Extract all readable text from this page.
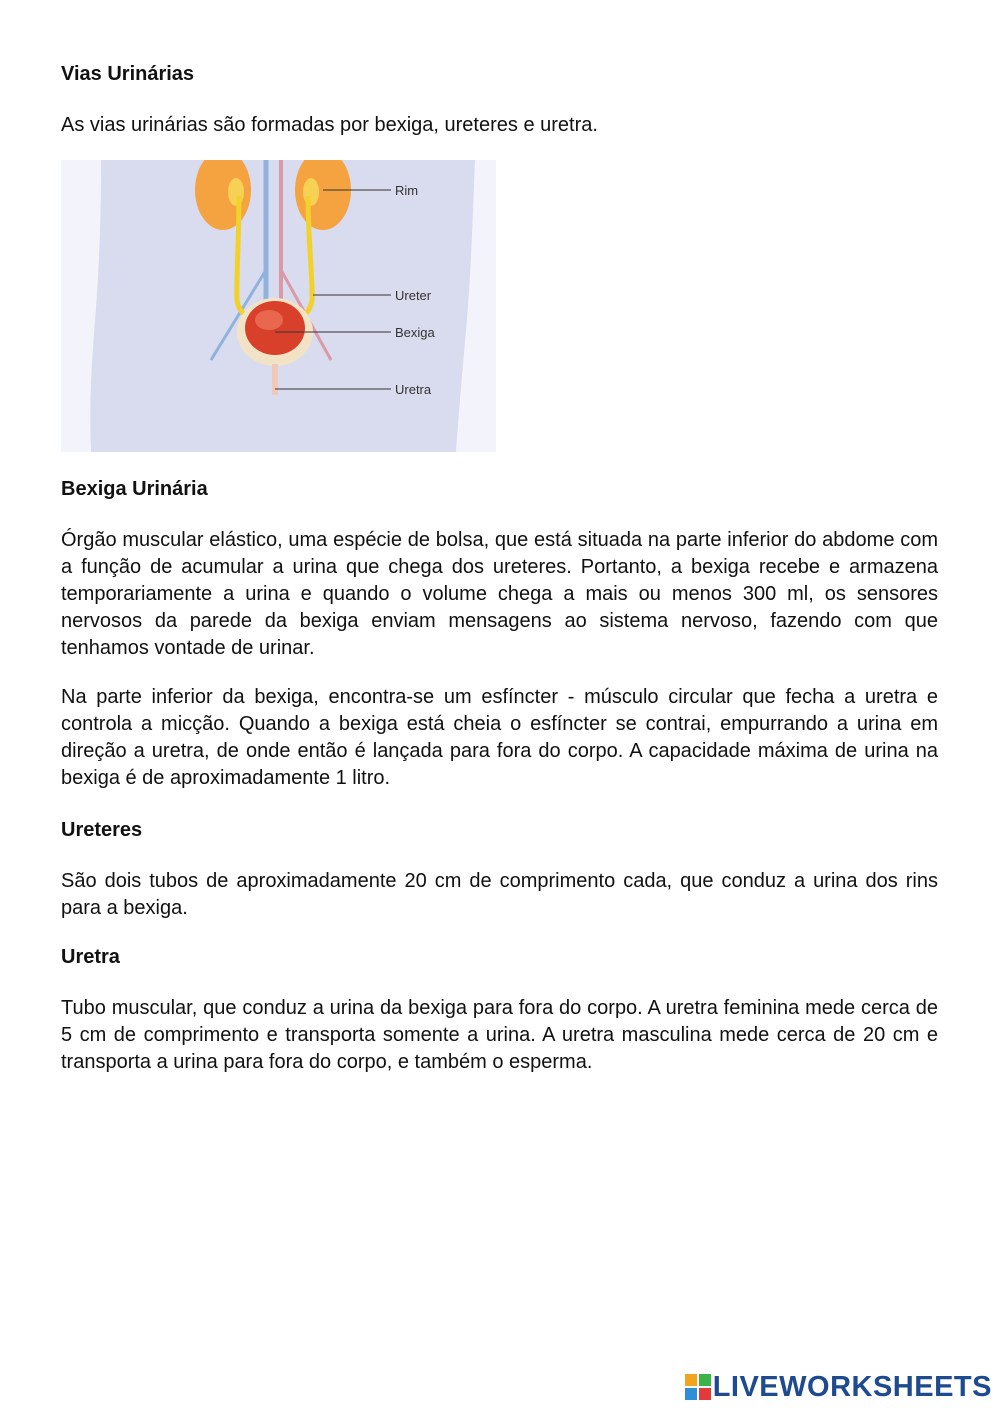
Vias Urinárias

As vias urinárias são formadas por bexiga, ureteres e uretra.

Rim
Ureter
Bexiga
Uretra

Bexiga Urinária

Órgão muscular elástico, uma espécie de bolsa, que está situada na parte inferior do abdome com a função de acumular a urina que chega dos ureteres. Portanto, a bexiga recebe e armazena temporariamente a urina e quando o volume chega a mais ou menos 300 ml, os sensores nervosos da parede da bexiga enviam mensagens ao sistema nervoso, fazendo com que tenhamos vontade de urinar.

Na parte inferior da bexiga, encontra-se um esfíncter - músculo circular que fecha a uretra e controla a micção. Quando a bexiga está cheia o esfíncter se contrai, empurrando a urina em direção a uretra, de onde então é lançada para fora do corpo. A capacidade máxima de urina na bexiga é de aproximadamente 1 litro.

Ureteres

São dois tubos de aproximadamente 20 cm de comprimento cada, que conduz a urina dos rins para a bexiga.

Uretra

Tubo muscular, que conduz a urina da bexiga para fora do corpo. A uretra feminina mede cerca de 5 cm de comprimento e transporta somente a urina. A uretra masculina mede cerca de 20 cm e transporta a urina para fora do corpo, e também o esperma.

LIVEWORKSHEETS
